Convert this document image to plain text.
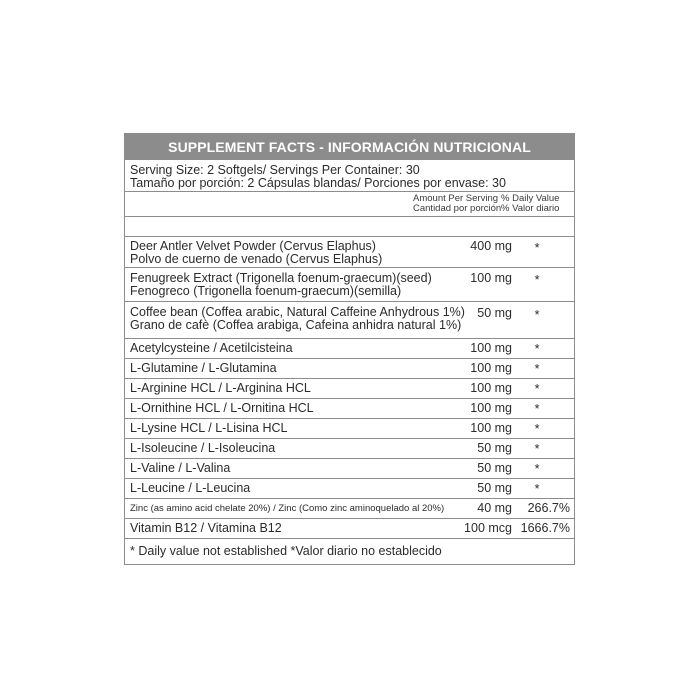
SUPPLEMENT FACTS - INFORMACIÓN NUTRICIONAL
Serving Size: 2 Softgels/ Servings Per Container: 30
Tamaño por porción: 2 Cápsulas blandas/ Porciones por envase: 30
Amount Per Serving % Daily Value
Cantidad por porción % Valor diario
Deer Antler Velvet Powder (Cervus Elaphus)
Polvo de cuerno de venado (Cervus Elaphus)
400 mg	*
Fenugreek Extract (Trigonella foenum-graecum)(seed)
Fenogreco (Trigonella foenum-graecum)(semilla)
100 mg	*
Coffee bean (Coffea arabic, Natural Caffeine Anhydrous 1%)
Grano de cafè (Coffea arabiga, Cafeina anhidra natural 1%)
50 mg	*
Acetylcysteine / Acetilcisteina	100 mg	*
L-Glutamine / L-Glutamina	100 mg	*
L-Arginine HCL / L-Arginina HCL	100 mg	*
L-Ornithine HCL / L-Ornitina HCL	100 mg	*
L-Lysine HCL / L-Lisina HCL	100 mg	*
L-Isoleucine / L-Isoleucina	50 mg	*
L-Valine / L-Valina	50 mg	*
L-Leucine / L-Leucina	50 mg	*
Zinc (as amino acid chelate 20%) / Zinc (Como zinc aminoquelado al 20%)	40 mg 266.7%
Vitamin B12 / Vitamina B12	100 mcg 1666.7%
* Daily value not established *Valor diario no establecido
